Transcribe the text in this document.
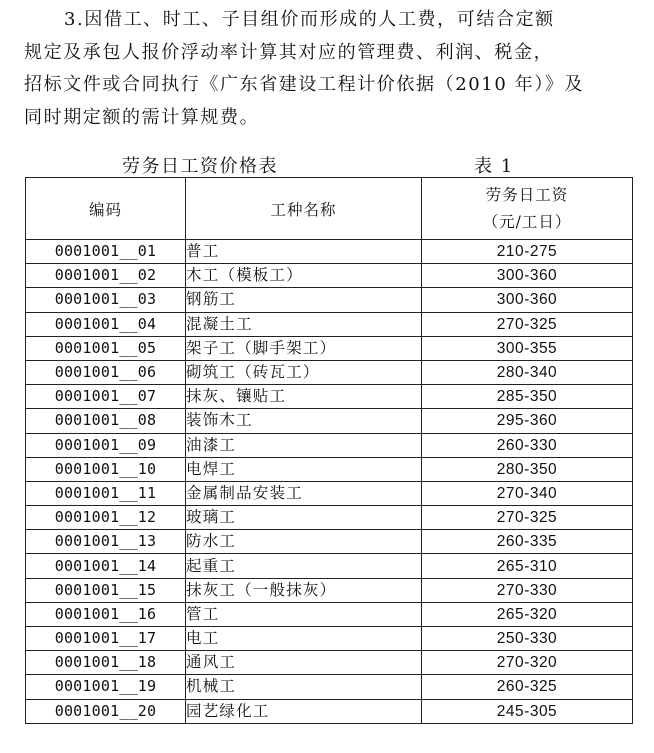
3.因借工、时工、子目组价而形成的人工费，可结合定额
规定及承包人报价浮动率计算其对应的管理费、利润、税金，
招标文件或合同执行《广东省建设工程计价依据（2010 年）》及
同时期定额的需计算规费。

劳务日工资价格表	表 1
编码	工种名称	劳务日工资
（元/工日）

0001001__01	普工	210-275
0001001__02	木工（模板工）	300-360
0001001__03	钢筋工	300-360
0001001__04	混凝土工	270-325
0001001__05	架子工（脚手架工）	300-355
0001001__06	砌筑工（砖瓦工）	280-340
0001001__07	抹灰、镶贴工	285-350
0001001__08	装饰木工	295-360
0001001__09	油漆工	260-330
0001001__10	电焊工	280-350
0001001__11	金属制品安装工	270-340
0001001__12	玻璃工	270-325
0001001__13	防水工	260-335
0001001__14	起重工	265-310
0001001__15	抹灰工（一般抹灰）	270-330
0001001__16	管工	265-320
0001001__17	电工	250-330
0001001__18	通风工	270-320
0001001__19	机械工	260-325
0001001__20	园艺绿化工	245-305
